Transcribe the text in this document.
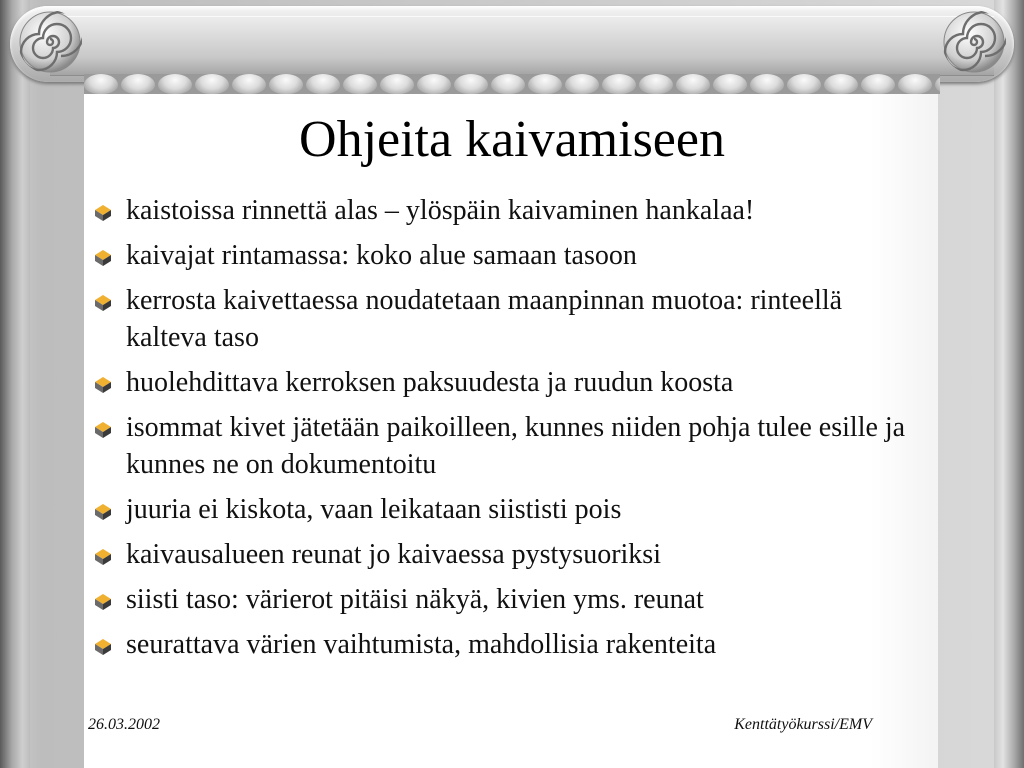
Ohjeita kaivamiseen
kaistoissa rinnettä alas – ylöspäin kaivaminen hankalaa!
kaivajat rintamassa: koko alue samaan tasoon
kerrosta kaivettaessa noudatetaan maanpinnan muotoa: rinteellä kalteva taso
huolehdittava kerroksen paksuudesta ja ruudun koosta
isommat kivet jätetään paikoilleen, kunnes niiden pohja tulee esille ja kunnes ne on dokumentoitu
juuria ei kiskota, vaan leikataan siististi pois
kaivausalueen reunat jo kaivaessa pystysuoriksi
siisti taso: värierot pitäisi näkyä, kivien yms. reunat
seurattava värien vaihtumista, mahdollisia rakenteita
26.03.2002	Kenttätyökurssi/EMV
